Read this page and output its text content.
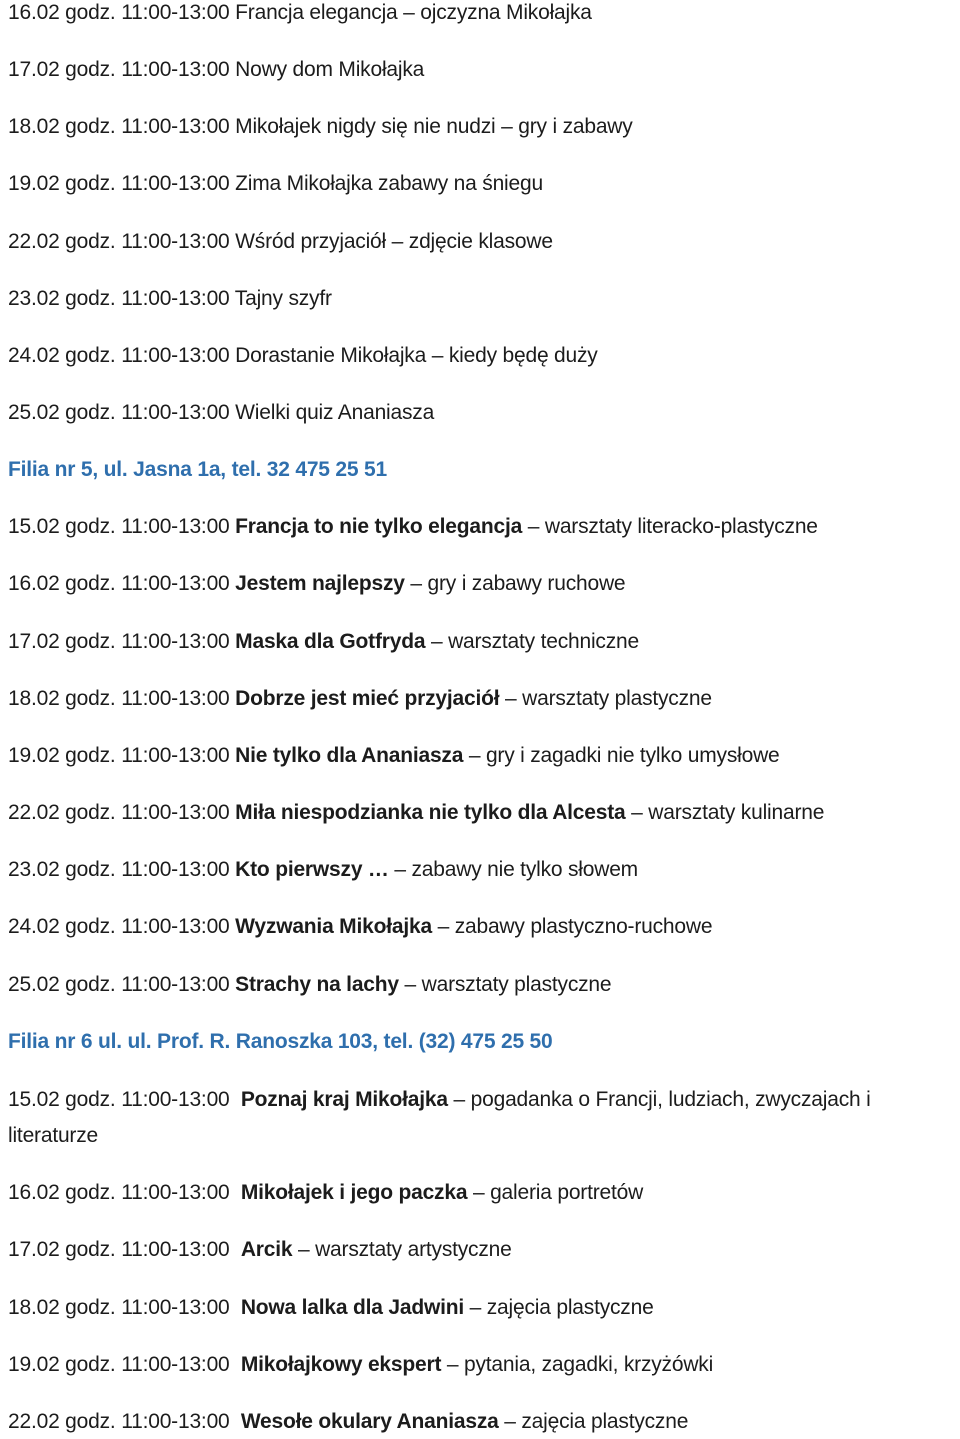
16.02 godz. 11:00-13:00 Francja elegancja – ojczyzna Mikołajka
17.02 godz. 11:00-13:00 Nowy dom Mikołajka
18.02 godz. 11:00-13:00 Mikołajek nigdy się nie nudzi – gry i zabawy
19.02 godz. 11:00-13:00 Zima Mikołajka zabawy na śniegu
22.02 godz. 11:00-13:00 Wśród przyjaciół – zdjęcie klasowe
23.02 godz. 11:00-13:00 Tajny szyfr
24.02 godz. 11:00-13:00 Dorastanie Mikołajka – kiedy będę duży
25.02 godz. 11:00-13:00 Wielki quiz Ananiasza
Filia nr 5, ul. Jasna 1a, tel. 32 475 25 51
15.02 godz. 11:00-13:00 Francja to nie tylko elegancja – warsztaty literacko-plastyczne
16.02 godz. 11:00-13:00 Jestem najlepszy – gry i zabawy ruchowe
17.02 godz. 11:00-13:00 Maska dla Gotfryda – warsztaty techniczne
18.02 godz. 11:00-13:00 Dobrze jest mieć przyjaciół – warsztaty plastyczne
19.02 godz. 11:00-13:00 Nie tylko dla Ananiasza – gry i zagadki nie tylko umysłowe
22.02 godz. 11:00-13:00 Miła niespodzianka nie tylko dla Alcesta – warsztaty kulinarne
23.02 godz. 11:00-13:00 Kto pierwszy … – zabawy nie tylko słowem
24.02 godz. 11:00-13:00 Wyzwania Mikołajka – zabawy plastyczno-ruchowe
25.02 godz. 11:00-13:00 Strachy na lachy – warsztaty plastyczne
Filia nr 6 ul. ul. Prof. R. Ranoszka 103, tel. (32) 475 25 50
15.02 godz. 11:00-13:00 Poznaj kraj Mikołajka – pogadanka o Francji, ludziach, zwyczajach i literaturze
16.02 godz. 11:00-13:00 Mikołajek i jego paczka – galeria portretów
17.02 godz. 11:00-13:00 Arcik – warsztaty artystyczne
18.02 godz. 11:00-13:00 Nowa lalka dla Jadwini – zajęcia plastyczne
19.02 godz. 11:00-13:00 Mikołajkowy ekspert – pytania, zagadki, krzyżówki
22.02 godz. 11:00-13:00 Wesołe okulary Ananiasza – zajęcia plastyczne
